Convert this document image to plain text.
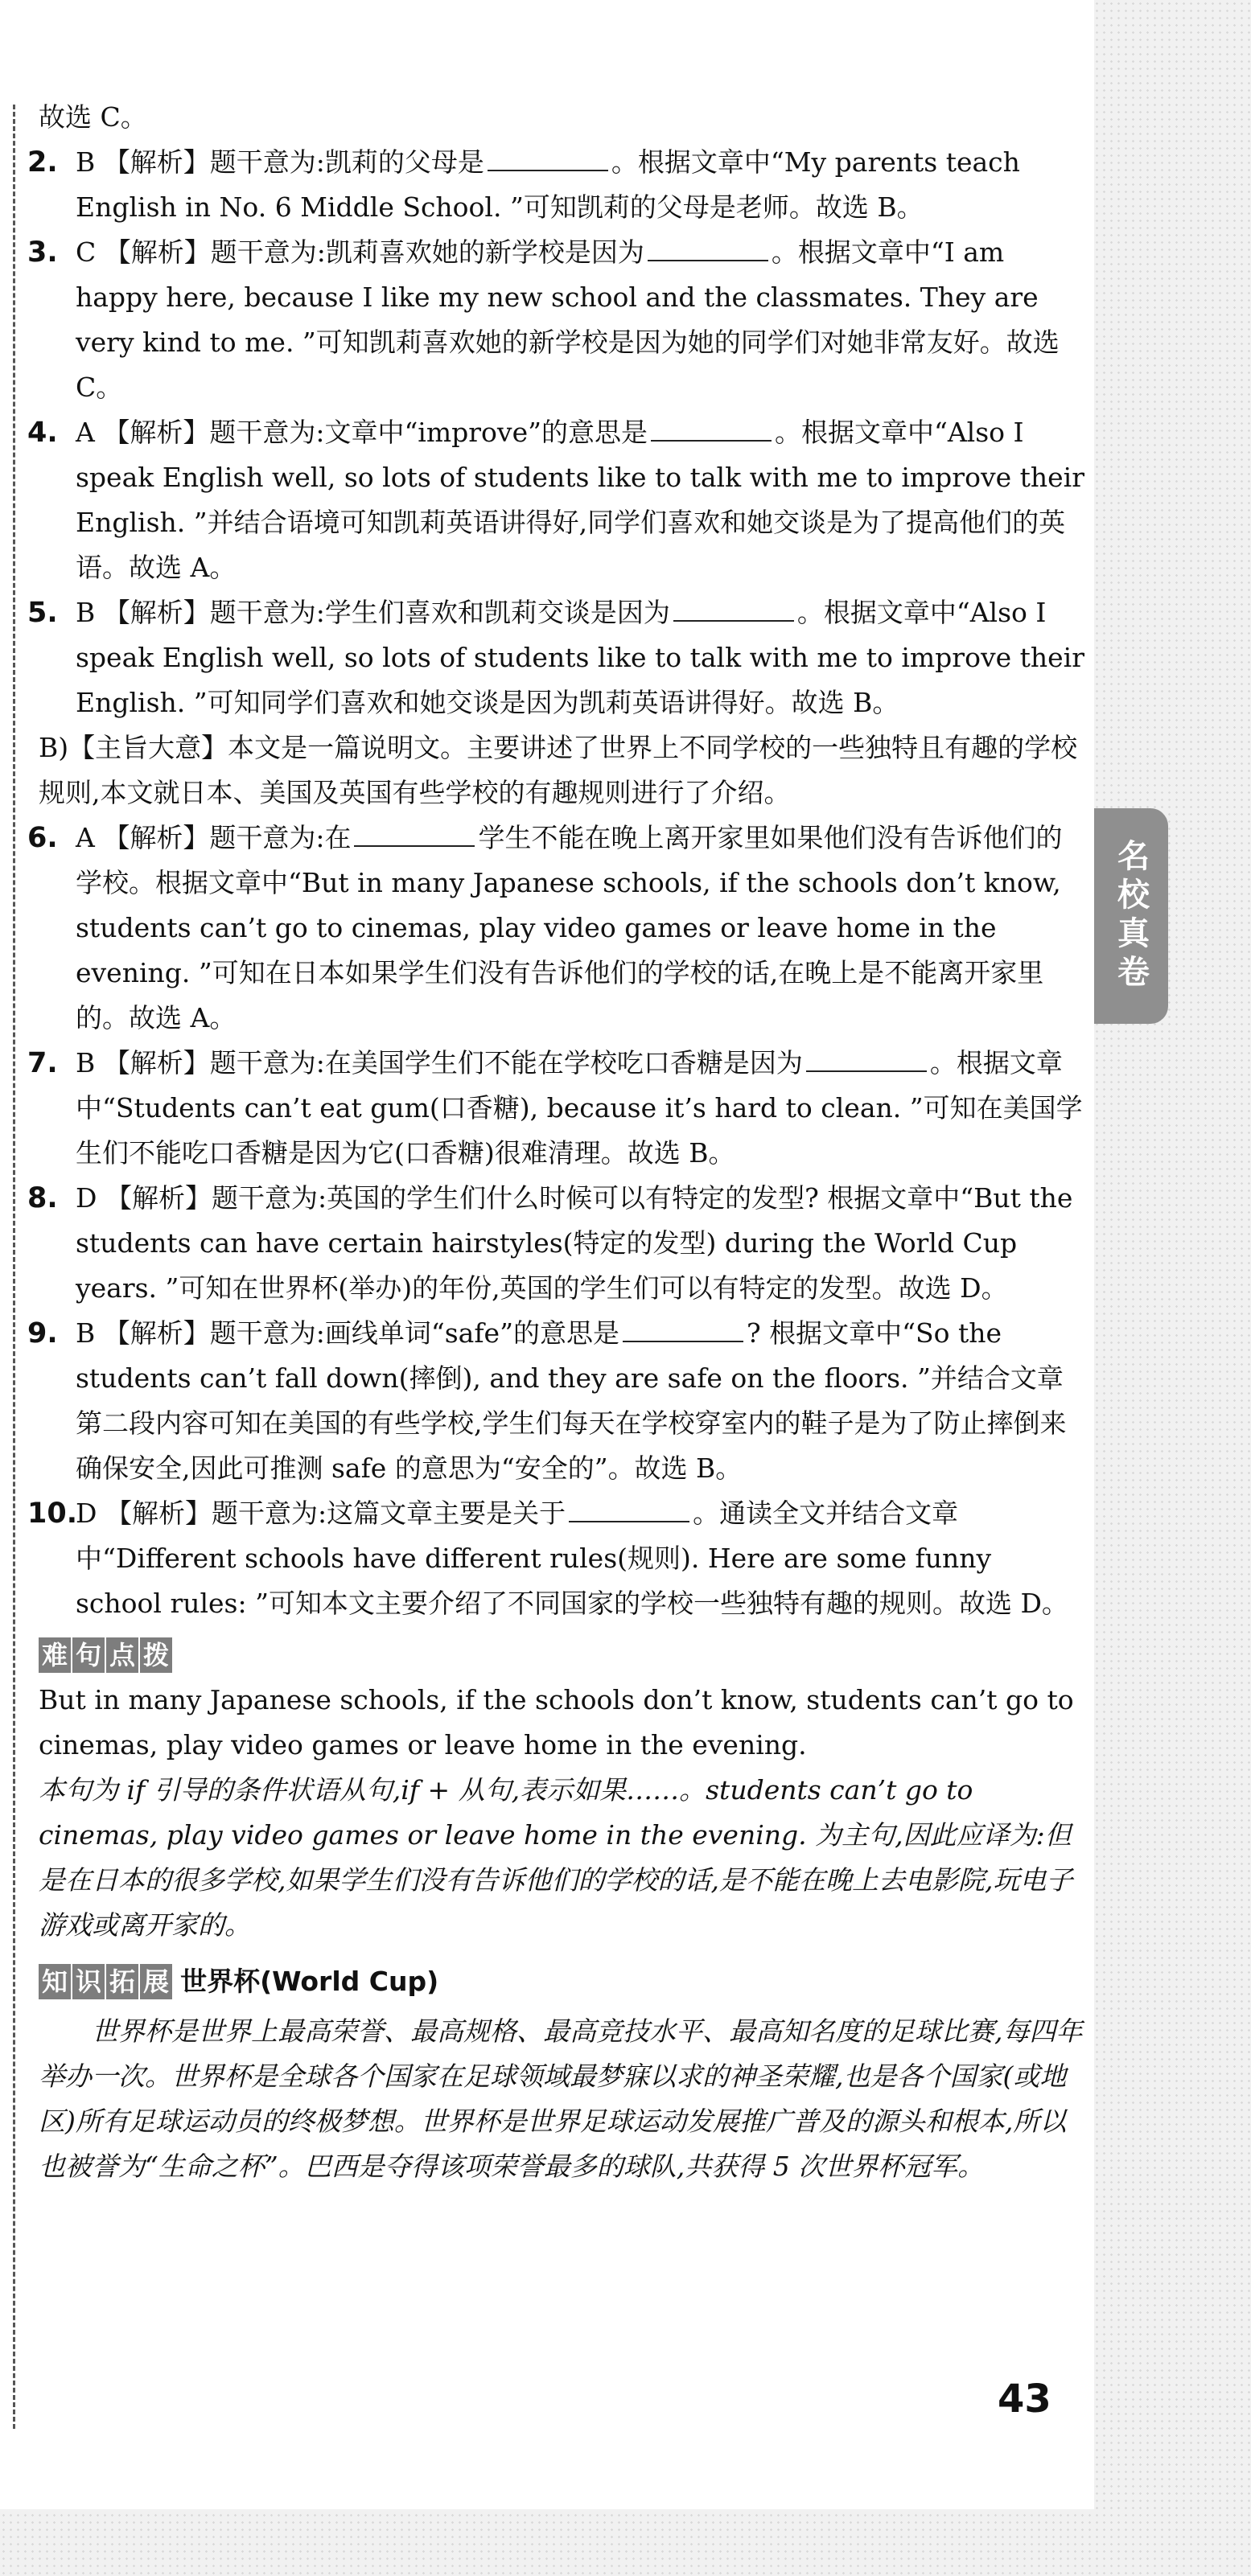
故选 C。

2. B 【解析】题干意为:凯莉的父母是	。根据文章中“My parents teach English in No. 6 Middle School. ”可知凯莉的父母是老师。故选 B。

3. C 【解析】题干意为:凯莉喜欢她的新学校是因为	。根据文章中“I am happy here, because I like my new school and the classmates. They are very kind to me. ”可知凯莉喜欢她的新学校是因为她的同学们对她非常友好。故选 C。

4. A 【解析】题干意为:文章中“improve”的意思是	。根据文章中“Also I speak English well, so lots of students like to talk with me to improve their English. ”并结合语境可知凯莉英语讲得好,同学们喜欢和她交谈是为了提高他们的英语。故选 A。

5. B 【解析】题干意为:学生们喜欢和凯莉交谈是因为	。根据文章中“Also I speak English well, so lots of students like to talk with me to improve their English. ”可知同学们喜欢和她交谈是因为凯莉英语讲得好。故选 B。

B)【主旨大意】本文是一篇说明文。主要讲述了世界上不同学校的一些独特且有趣的学校规则,本文就日本、美国及英国有些学校的有趣规则进行了介绍。

6. A 【解析】题干意为:在	学生不能在晚上离开家里如果他们没有告诉他们的学校。根据文章中“But in many Japanese schools, if the schools don’t know, students can’t go to cinemas, play video games or leave home in the evening. ”可知在日本如果学生们没有告诉他们的学校的话,在晚上是不能离开家里的。故选 A。

7. B 【解析】题干意为:在美国学生们不能在学校吃口香糖是因为	。根据文章中“Students can’t eat gum(口香糖), because it’s hard to clean. ”可知在美国学生们不能吃口香糖是因为它(口香糖)很难清理。故选 B。

8. D 【解析】题干意为:英国的学生们什么时候可以有特定的发型? 根据文章中“But the students can have certain hairstyles(特定的发型) during the World Cup years. ”可知在世界杯(举办)的年份,英国的学生们可以有特定的发型。故选 D。

9. B 【解析】题干意为:画线单词“safe”的意思是	? 根据文章中“So the students can’t fall down(摔倒), and they are safe on the floors. ”并结合文章第二段内容可知在美国的有些学校,学生们每天在学校穿室内的鞋子是为了防止摔倒来确保安全,因此可推测 safe 的意思为“安全的”。故选 B。

10.
D 【解析】题干意为:这篇文章主要是关于	。通读全文并结合文章中“Different schools have different rules(规则). Here are some funny school rules: ”可知本文主要介绍了不同国家的学校一些独特有趣的规则。故选 D。

难 句 点 拨

But in many Japanese schools, if the schools don’t know, students can’t go to cinemas, play video games or leave home in the evening.

本句为 if 引导的条件状语从句,if + 从句,表示如果……。students can’t go to cinemas, play video games or leave home in the evening. 为主句,因此应译为:但是在日本的很多学校,如果学生们没有告诉他们的学校的话,是不能在晚上去电影院,玩电子游戏或离开家的。

知 识 拓 展 世界杯(World Cup)

世界杯是世界上最高荣誉、最高规格、最高竞技水平、最高知名度的足球比赛,每四年举办一次。世界杯是全球各个国家在足球领域最梦寐以求的神圣荣耀,也是各个国家(或地区)所有足球运动员的终极梦想。世界杯是世界足球运动发展推广普及的源头和根本,所以也被誉为“生命之杯”。巴西是夺得该项荣誉最多的球队,共获得 5 次世界杯冠军。

名校真卷
43
